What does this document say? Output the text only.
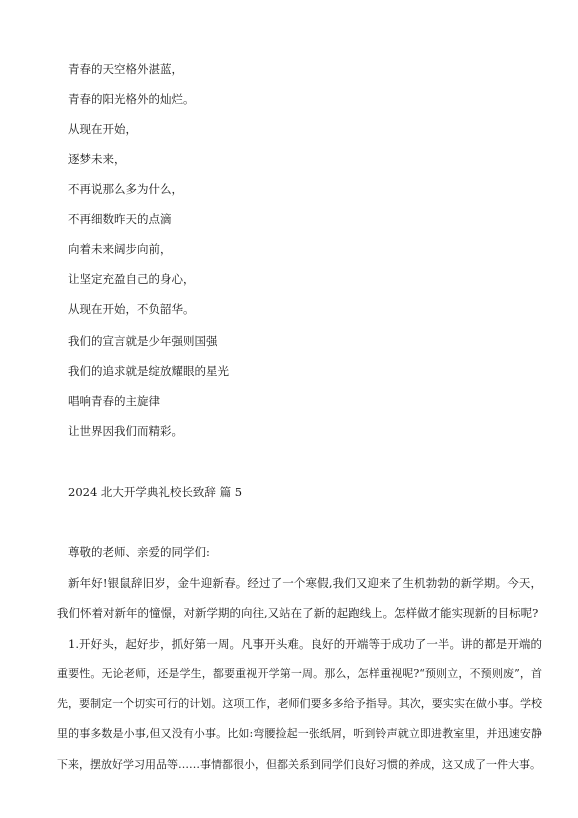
青春的天空格外湛蓝，
青春的阳光格外的灿烂。
从现在开始，
逐梦未来，
不再说那么多为什么，
不再细数昨天的点滴
向着未来阔步向前，
让坚定充盈自己的身心，
从现在开始，不负韶华。
我们的宣言就是少年强则国强
我们的追求就是绽放耀眼的星光
唱响青春的主旋律
让世界因我们而精彩。
2024 北大开学典礼校长致辞 篇 5
尊敬的老师、亲爱的同学们:
新年好!银鼠辞旧岁，金牛迎新春。经过了一个寒假,我们又迎来了生机勃勃的新学期。今天，
我们怀着对新年的憧憬，对新学期的向往,又站在了新的起跑线上。怎样做才能实现新的目标呢?
1.开好头，起好步，抓好第一周。凡事开头难。良好的开端等于成功了一半。讲的都是开端的
重要性。无论老师，还是学生，都要重视开学第一周。那么，怎样重视呢?“预则立，不预则废”，首
先，要制定一个切实可行的计划。这项工作，老师们要多多给予指导。其次，要实实在做小事。学校
里的事多数是小事,但又没有小事。比如:弯腰捡起一张纸屑，听到铃声就立即进教室里，并迅速安静
下来，摆放好学习用品等……事情都很小，但都关系到同学们良好习惯的养成，这又成了一件大事。
